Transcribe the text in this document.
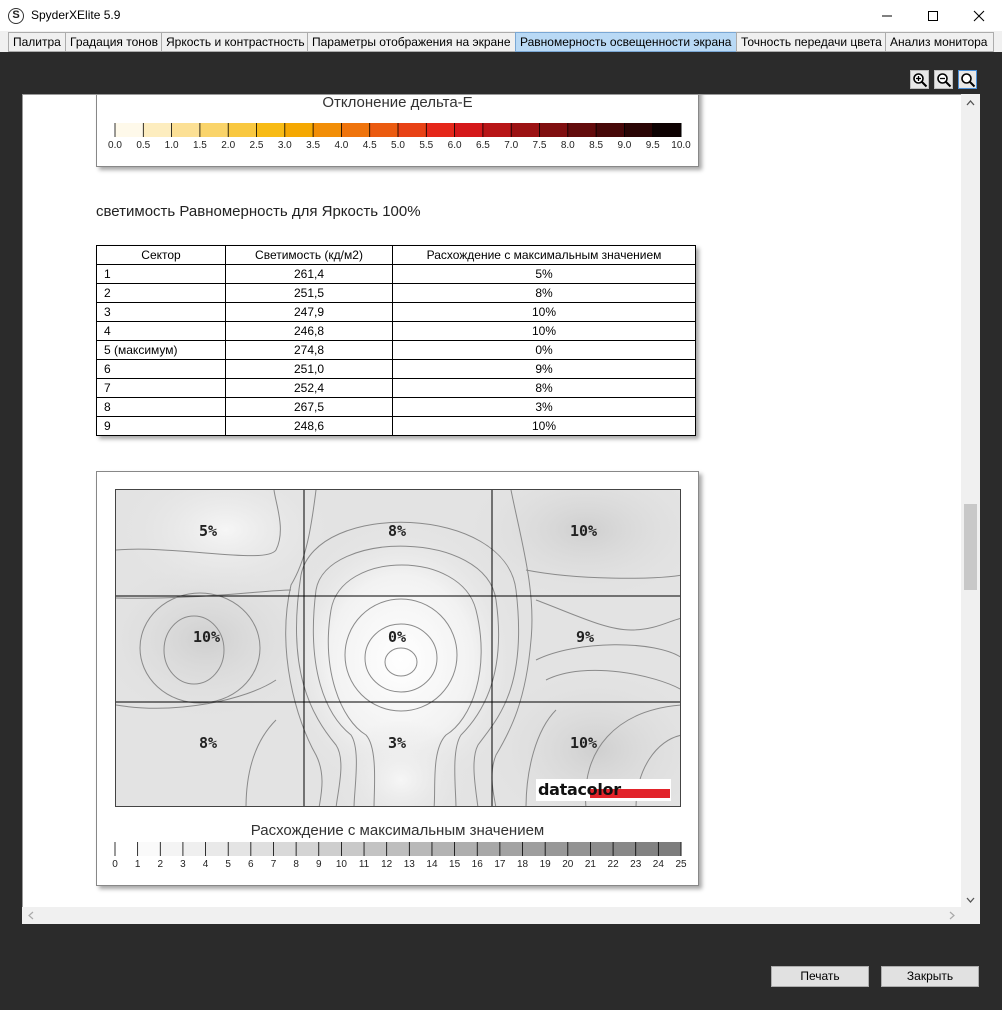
S SpyderXElite 5.9
Палитра Градация тонов Яркость и контрастность Параметры отображения на экране Равномерность освещенности экрана Точность передачи цвета Анализ монитора
Отклонение дельта-Е
0.0 0.5 1.0 1.5 2.0 2.5 3.0 3.5 4.0 4.5 5.0 5.5 6.0 6.5 7.0 7.5 8.0 8.5 9.0 9.5 10.0
светимость Равномерность для Яркость 100%
Сектор	Светимость (кд/м2)	Расхождение с максимальным значением
1	261,4	5%
2	251,5	8%
3	247,9	10%
4	246,8	10%
5 (максимум)	274,8	0%
6	251,0	9%
7	252,4	8%
8	267,5	3%
9	248,6	10%
5%	8%	10%
10%	0%	9%
8%	3%	10%
datacolor
Расхождение с максимальным значением
0 1 2 3 4 5 6 7 8 9 10 11 12 13 14 15 16 17 18 19 20 21 22 23 24 25
Печать	Закрыть
